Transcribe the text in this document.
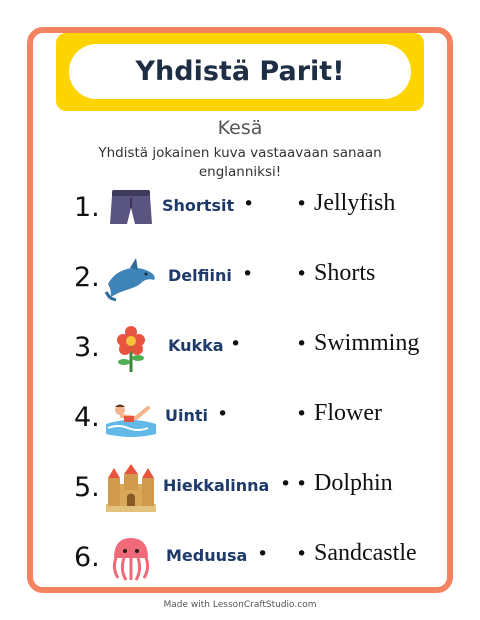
Yhdistä Parit!
Kesä
Yhdistä jokainen kuva vastaavaan sanaan englanniksi!
1.	Shortsit • • Jellyfish
2.	Delfiini • • Shorts
3.	Kukka •	• Swimming
4.	Uinti •	• Flower
5.	Hiekkalinna • • Dolphin
6.	Meduusa • • Sandcastle
Made with LessonCraftStudio.com
